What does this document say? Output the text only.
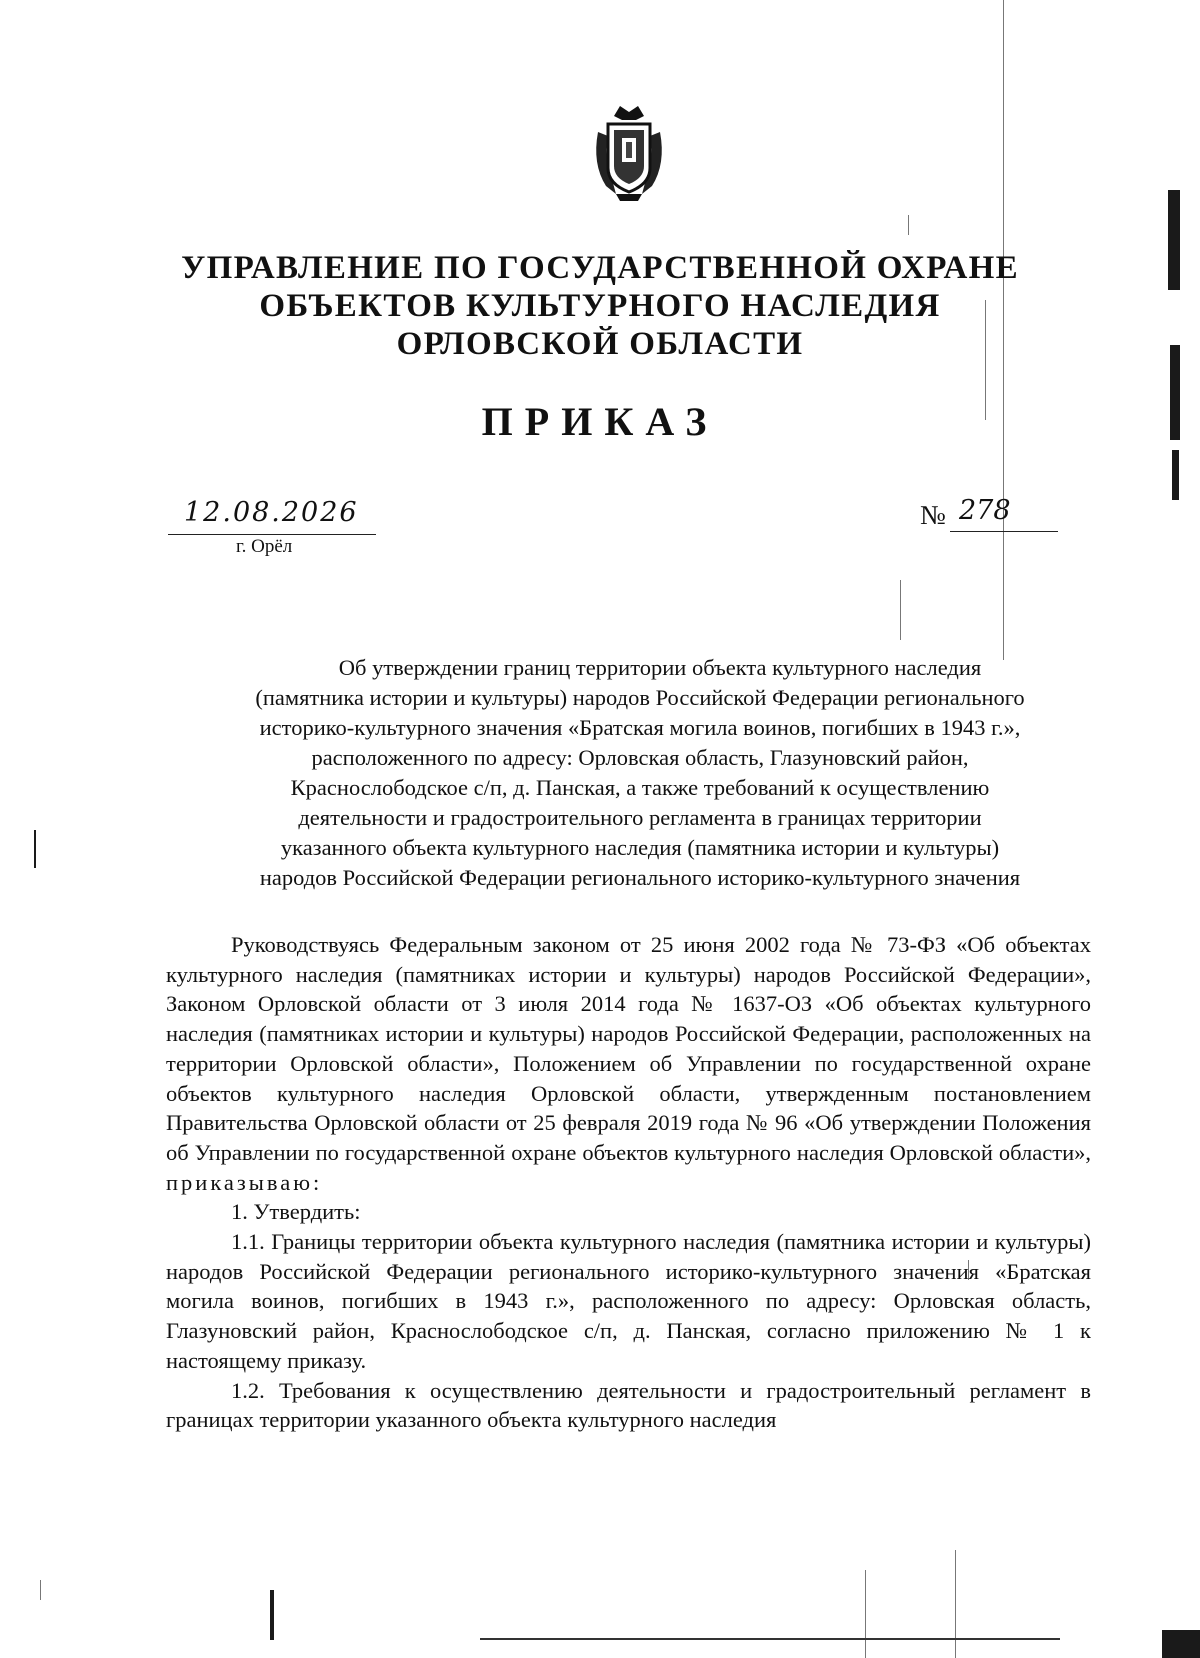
УПРАВЛЕНИЕ ПО ГОСУДАРСТВЕННОЙ ОХРАНЕ
ОБЪЕКТОВ КУЛЬТУРНОГО НАСЛЕДИЯ
ОРЛОВСКОЙ ОБЛАСТИ
ПРИКАЗ
12.08.2026
г. Орёл
№ 278
Об утверждении границ территории объекта культурного наследия
(памятника истории и культуры) народов Российской Федерации регионального
историко-культурного значения «Братская могила воинов, погибших в 1943 г.»,
расположенного по адресу: Орловская область, Глазуновский район,
Краснослободское с/п, д. Панская, а также требований к осуществлению
деятельности и градостроительного регламента в границах территории
указанного объекта культурного наследия (памятника истории и культуры)
народов Российской Федерации регионального историко-культурного значения

Руководствуясь Федеральным законом от 25 июня 2002 года № 73-ФЗ «Об объектах культурного наследия (памятниках истории и культуры) народов Российской Федерации», Законом Орловской области от 3 июля 2014 года № 1637-ОЗ «Об объектах культурного наследия (памятниках истории и культуры) народов Российской Федерации, расположенных на территории Орловской области», Положением об Управлении по государственной охране объектов культурного наследия Орловской области, утвержденным постановлением Правительства Орловской области от 25 февраля 2019 года № 96 «Об утверждении Положения об Управлении по государственной охране объектов культурного наследия Орловской области», приказываю:

1. Утвердить:

1.1. Границы территории объекта культурного наследия (памятника истории и культуры) народов Российской Федерации регионального историко-культурного значения «Братская могила воинов, погибших в 1943 г.», расположенного по адресу: Орловская область, Глазуновский район, Краснослободское с/п, д. Панская, согласно приложению № 1 к настоящему приказу.

1.2. Требования к осуществлению деятельности и градостроительный регламент в границах территории указанного объекта культурного наследия
